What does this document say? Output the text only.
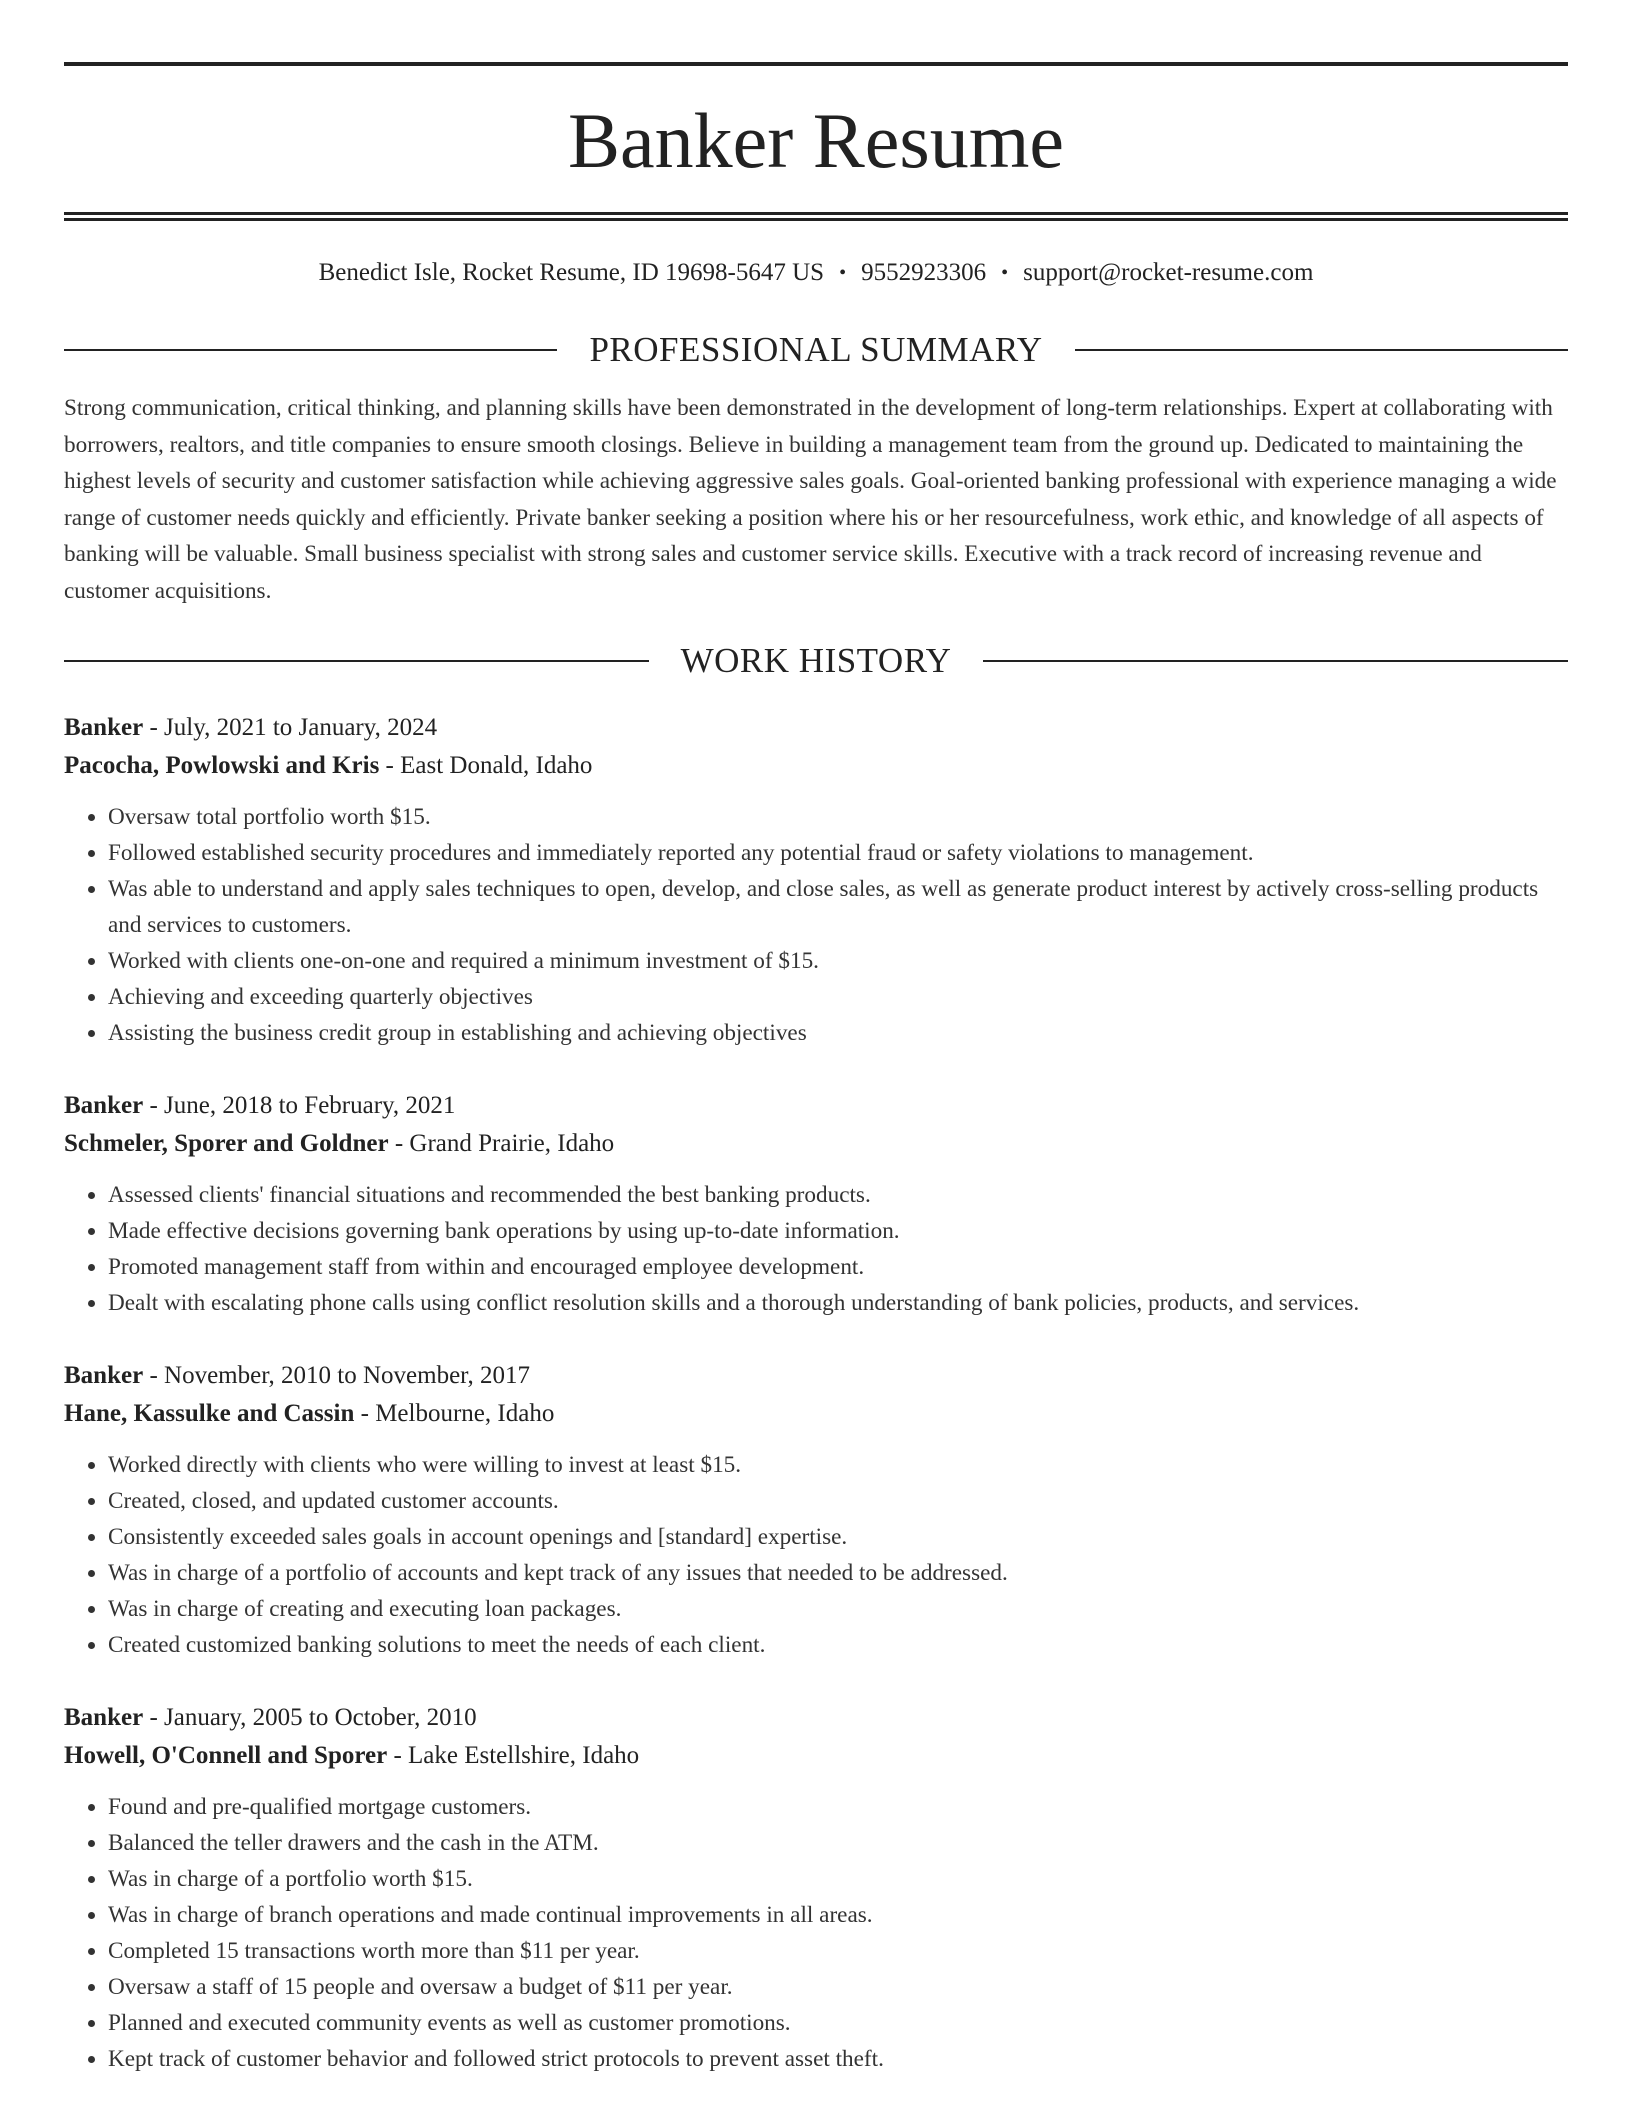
Banker Resume
Benedict Isle, Rocket Resume, ID 19698-5647 US • 9552923306 • support@rocket-resume.com
PROFESSIONAL SUMMARY

Strong communication, critical thinking, and planning skills have been demonstrated in the development of long-term relationships. Expert at collaborating with borrowers, realtors, and title companies to ensure smooth closings. Believe in building a management team from the ground up. Dedicated to maintaining the highest levels of security and customer satisfaction while achieving aggressive sales goals. Goal-oriented banking professional with experience managing a wide range of customer needs quickly and efficiently. Private banker seeking a position where his or her resourcefulness, work ethic, and knowledge of all aspects of banking will be valuable. Small business specialist with strong sales and customer service skills. Executive with a track record of increasing revenue and customer acquisitions.

WORK HISTORY
Banker - July, 2021 to January, 2024
Pacocha, Powlowski and Kris - East Donald, Idaho
• Oversaw total portfolio worth $15.
• Followed established security procedures and immediately reported any potential fraud or safety violations to management.
• Was able to understand and apply sales techniques to open, develop, and close sales, as well as generate product interest by actively cross-selling products and services to customers.
• Worked with clients one-on-one and required a minimum investment of $15.
• Achieving and exceeding quarterly objectives
• Assisting the business credit group in establishing and achieving objectives
Banker - June, 2018 to February, 2021
Schmeler, Sporer and Goldner - Grand Prairie, Idaho
• Assessed clients' financial situations and recommended the best banking products.
• Made effective decisions governing bank operations by using up-to-date information.
• Promoted management staff from within and encouraged employee development.
• Dealt with escalating phone calls using conflict resolution skills and a thorough understanding of bank policies, products, and services.
Banker - November, 2010 to November, 2017
Hane, Kassulke and Cassin - Melbourne, Idaho
• Worked directly with clients who were willing to invest at least $15.
• Created, closed, and updated customer accounts.
• Consistently exceeded sales goals in account openings and [standard] expertise.
• Was in charge of a portfolio of accounts and kept track of any issues that needed to be addressed.
• Was in charge of creating and executing loan packages.
• Created customized banking solutions to meet the needs of each client.
Banker - January, 2005 to October, 2010
Howell, O'Connell and Sporer - Lake Estellshire, Idaho
• Found and pre-qualified mortgage customers.
• Balanced the teller drawers and the cash in the ATM.
• Was in charge of a portfolio worth $15.
• Was in charge of branch operations and made continual improvements in all areas.
• Completed 15 transactions worth more than $11 per year.
• Oversaw a staff of 15 people and oversaw a budget of $11 per year.
• Planned and executed community events as well as customer promotions.
• Kept track of customer behavior and followed strict protocols to prevent asset theft.
